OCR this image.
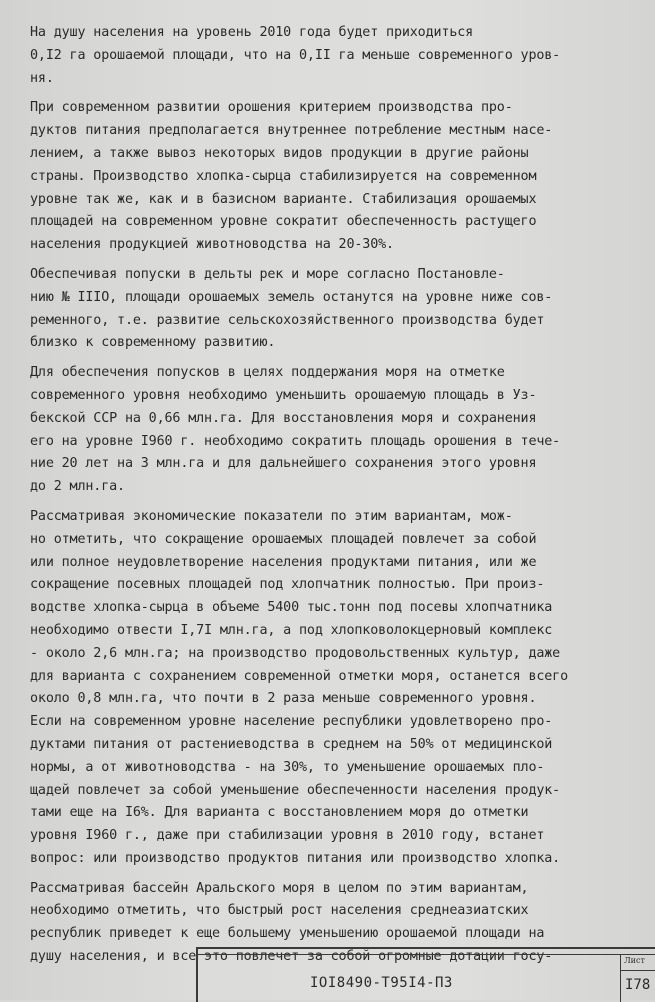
На душу населения на уровень 2010 года будет приходиться
0,I2 га орошаемой площади, что на 0,II га меньше современного уров-
ня.
При современном развитии орошения критерием производства про-
дуктов питания предполагается внутреннее потребление местным насе-
лением, а также вывоз некоторых видов продукции в другие районы
страны. Производство хлопка-сырца стабилизируется на современном
уровне так же, как и в базисном варианте. Стабилизация орошаемых
площадей на современном уровне сократит обеспеченность растущего
населения продукцией животноводства на 20-30%.
Обеспечивая попуски в дельты рек и море согласно Постановле-
нию № IIIO, площади орошаемых земель останутся на уровне ниже сов-
ременного, т.е. развитие сельскохозяйственного производства будет
близко к современному развитию.
Для обеспечения попусков в целях поддержания моря на отметке
современного уровня необходимо уменьшить орошаемую площадь в Уз-
бекской ССР на 0,66 млн.га. Для восстановления моря и сохранения
его на уровне I960 г. необходимо сократить площадь орошения в тече-
ние 20 лет на 3 млн.га и для дальнейшего сохранения этого уровня
до 2 млн.га.
Рассматривая экономические показатели по этим вариантам, мож-
но отметить, что сокращение орошаемых площадей повлечет за собой
или полное неудовлетворение населения продуктами питания, или же
сокращение посевных площадей под хлопчатник полностью. При произ-
водстве хлопка-сырца в объеме 5400 тыс.тонн под посевы хлопчатника
необходимо отвести I,7I млн.га, а под хлопковолокцерновый комплекс
- около 2,6 млн.га; на производство продовольственных культур, даже
для варианта с сохранением современной отметки моря, останется всего
около 0,8 млн.га, что почти в 2 раза меньше современного уровня.
Если на современном уровне население республики удовлетворено про-
дуктами питания от растениеводства в среднем на 50% от медицинской
нормы, а от животноводства - на 30%, то уменьшение орошаемых пло-
щадей повлечет за собой уменьшение обеспеченности населения продук-
тами еще на I6%. Для варианта с восстановлением моря до отметки
уровня I960 г., даже при стабилизации уровня в 2010 году, встанет
вопрос: или производство продуктов питания или производство хлопка.
Рассматривая бассейн Аральского моря в целом по этим вариантам,
необходимо отметить, что быстрый рост населения среднеазиатских
республик приведет к еще большему уменьшению орошаемой площади на
душу населения, и все это повлечет за собой огромные дотации госу-
IOI8490-Т95I4-ПЗ
Лист
I78
